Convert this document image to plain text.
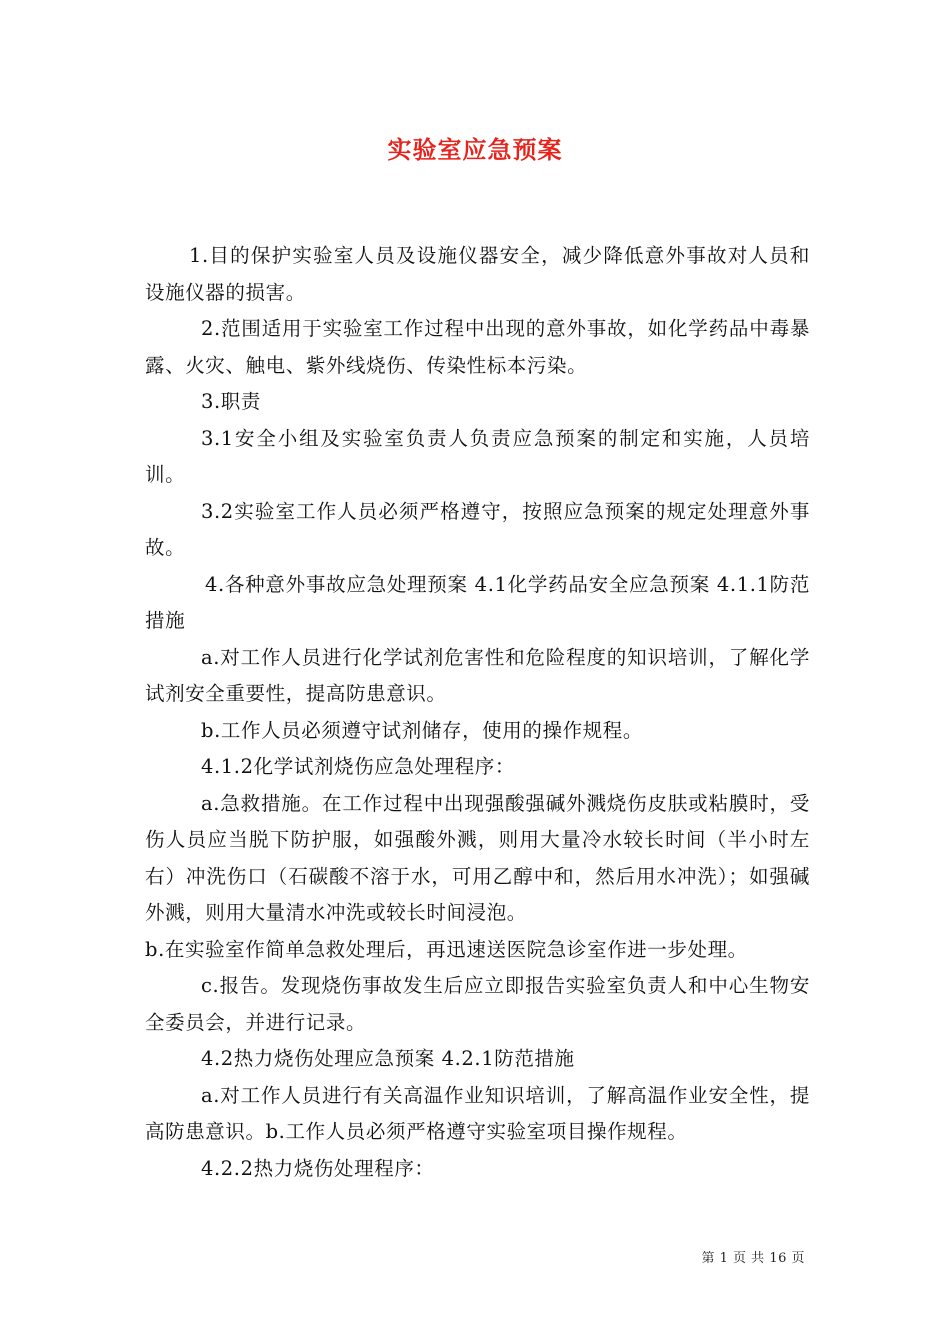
实验室应急预案

1.目的保护实验室人员及设施仪器安全，减少降低意外事故对人员和设施仪器的损害。

2.范围适用于实验室工作过程中出现的意外事故，如化学药品中毒暴露、火灾、触电、紫外线烧伤、传染性标本污染。

3.职责

3.1安全小组及实验室负责人负责应急预案的制定和实施，人员培训。

3.2实验室工作人员必须严格遵守，按照应急预案的规定处理意外事故。

4.各种意外事故应急处理预案 4.1化学药品安全应急预案 4.1.1防范措施

a.对工作人员进行化学试剂危害性和危险程度的知识培训，了解化学试剂安全重要性，提高防患意识。

b.工作人员必须遵守试剂储存，使用的操作规程。

4.1.2化学试剂烧伤应急处理程序：

a.急救措施。在工作过程中出现强酸强碱外溅烧伤皮肤或粘膜时，受伤人员应当脱下防护服，如强酸外溅，则用大量冷水较长时间（半小时左右）冲洗伤口（石碳酸不溶于水，可用乙醇中和，然后用水冲洗）；如强碱外溅，则用大量清水冲洗或较长时间浸泡。

b.在实验室作简单急救处理后，再迅速送医院急诊室作进一步处理。

c.报告。发现烧伤事故发生后应立即报告实验室负责人和中心生物安全委员会，并进行记录。

4.2热力烧伤处理应急预案 4.2.1防范措施

a.对工作人员进行有关高温作业知识培训，了解高温作业安全性，提高防患意识。b.工作人员必须严格遵守实验室项目操作规程。

4.2.2热力烧伤处理程序：

第 1 页 共 16 页
